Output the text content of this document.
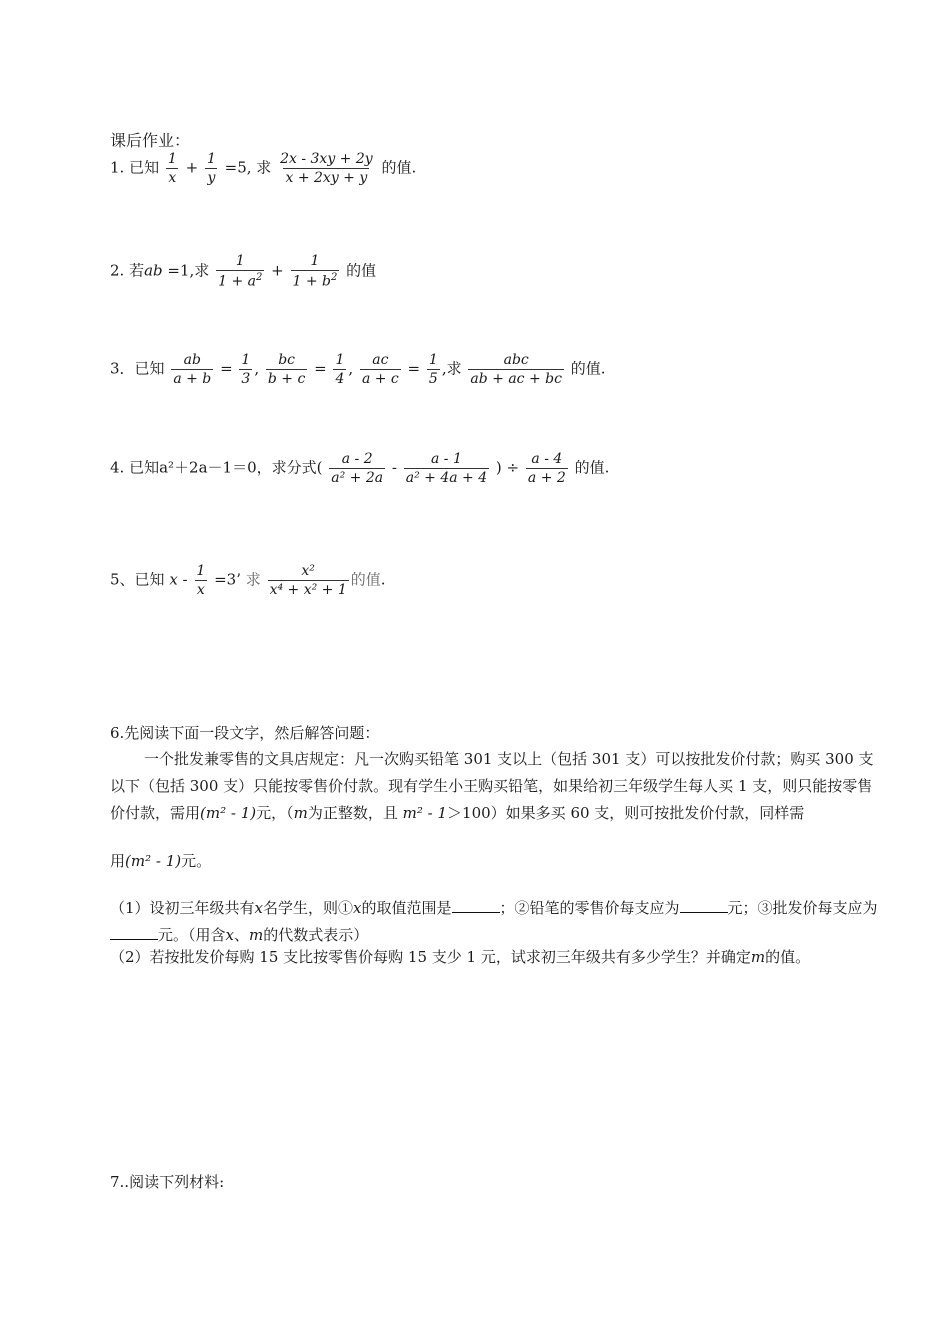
课后作业：
1. 已知 $\frac{1}{x} + \frac{1}{y} =5$, 求 $\frac{2x - 3xy + 2y}{x + 2xy + y}$ 的值.
2. 若ab =1,求 $\frac{1}{1 + a^2} + \frac{1}{1 + b^2}$ 的值
3．已知 $\frac{ab}{a + b} = \frac{1}{3}$ , $\frac{bc}{b + c} = \frac{1}{4}$ , $\frac{ac}{a + c} = \frac{1}{5}$ ,求 $\frac{\text{abc}}{ab + ac + bc}$ 的值.
4. 已知a²＋2a－1＝0，求分式( $\frac{a - 2}{\text{a² + 2a}} - \frac{a - 1}{\text{a² + 4a + 4}}$ ) ÷ $\frac{a - 4}{a + 2}$ 的值.
5、已知 $x - \frac{1}{x} =3$’ 求 $\frac{\text{x²}}{\text{x⁴ + x² + 1}}$ 的值.
6.先阅读下面一段文字，然后解答问题：
一个批发兼零售的文具店规定：凡一次购买铅笔 301 支以上（包括 301 支）可以按批发价付款；购买 300 支以下（包括 300 支）只能按零售价付款。现有学生小王购买铅笔，如果给初三年级学生每人买 1 支，则只能按零售价付款，需用(m² - 1)元，（m为正整数，且 m² - 1＞100）如果多买 60 支，则可按批发价付款，同样需
用(m² - 1)元。
（1）设初三年级共有x名学生，则①x的取值范围是	；②铅笔的零售价每支应为	元；③批发价每支应为元。（用含x、m的代数式表示）
（2）若按批发价每购 15 支比按零售价每购 15 支少 1 元，试求初三年级共有多少学生？并确定m的值。
7..阅读下列材料:
